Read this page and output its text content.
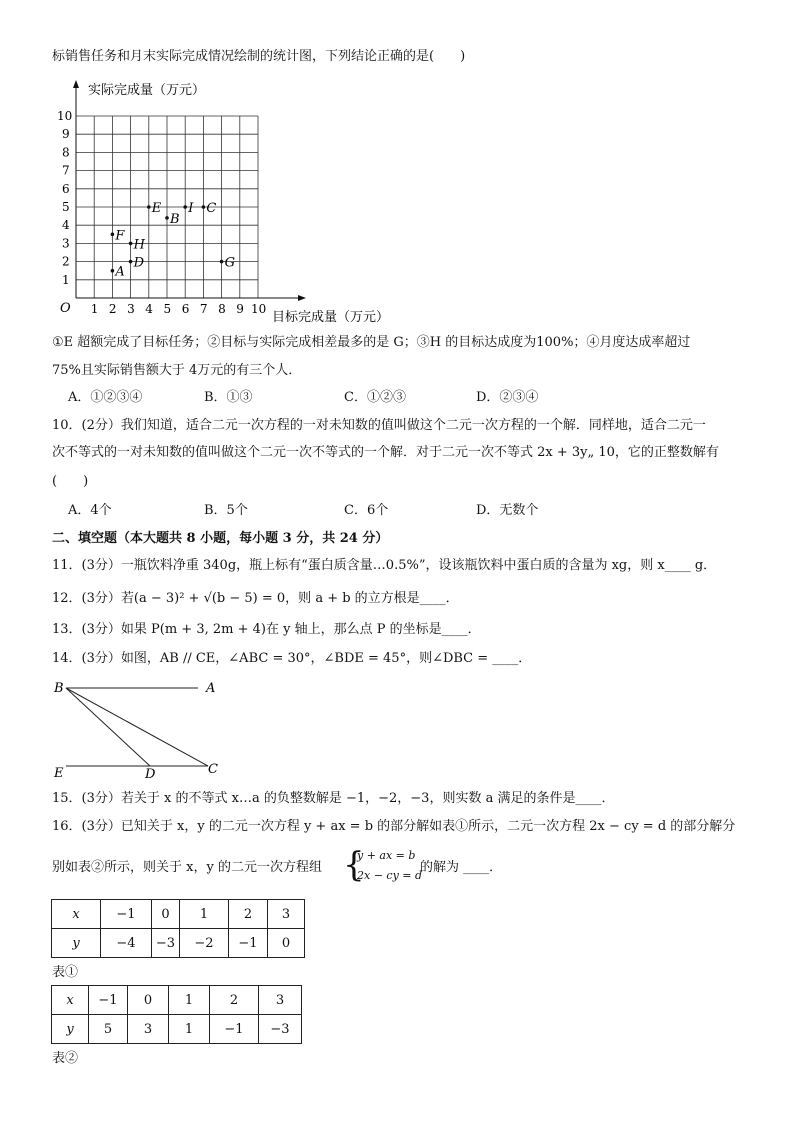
标销售任务和月末实际完成情况绘制的统计图，下列结论正确的是(　　)
实际完成量（万元）
O 1 2 3 4 5 6 7 8 9 10
1
2
3
4
5
6
7
8
9
10
A
D
H
F
E
B
I C
G
目标完成量（万元）
①E 超额完成了目标任务；②目标与实际完成相差最多的是 G；③H 的目标达成度为100%；④月度达成率超过
75%且实际销售额大于 4万元的有三个人．
A．①②③④	B．①③	C．①②③	D．②③④
10．(2分）我们知道，适合二元一次方程的一对未知数的值叫做这个二元一次方程的一个解．同样地，适合二元一
次不等式的一对未知数的值叫做这个二元一次不等式的一个解．对于二元一次不等式 2x + 3y„ 10，它的正整数解有
(　　)
A．4个	B．5个	C．6个	D．无数个
二、填空题（本大题共 8 小题，每小题 3 分，共 24 分）
11．(3分）一瓶饮料净重 340g，瓶上标有“蛋白质含量…0.5%”，设该瓶饮料中蛋白质的含量为 xg，则 x____ g．
12．(3分）若(a − 3)² + √(b − 5) = 0，则 a + b 的立方根是____．
13．(3分）如果 P(m + 3, 2m + 4)在 y 轴上，那么点 P 的坐标是____．
14．(3分）如图，AB // CE，∠ABC = 30°，∠BDE = 45°，则∠DBC = ____．
B	A
E	D	C
15．(3分）若关于 x 的不等式 x…a 的负整数解是 −1，−2，−3，则实数 a 满足的条件是____．
16．(3分）已知关于 x，y 的二元一次方程 y + ax = b 的部分解如表①所示，二元一次方程 2x − cy = d 的部分解分
别如表②所示，则关于 x，y 的二元一次方程组 {
y + ax = b
2x − cy = d
的解为 ____．
x	−1	0	1	2	3
y	−4	−3	−2	−1	0
表①
x	−1	0	1	2	3
y	5	3	1	−1	−3
表②
